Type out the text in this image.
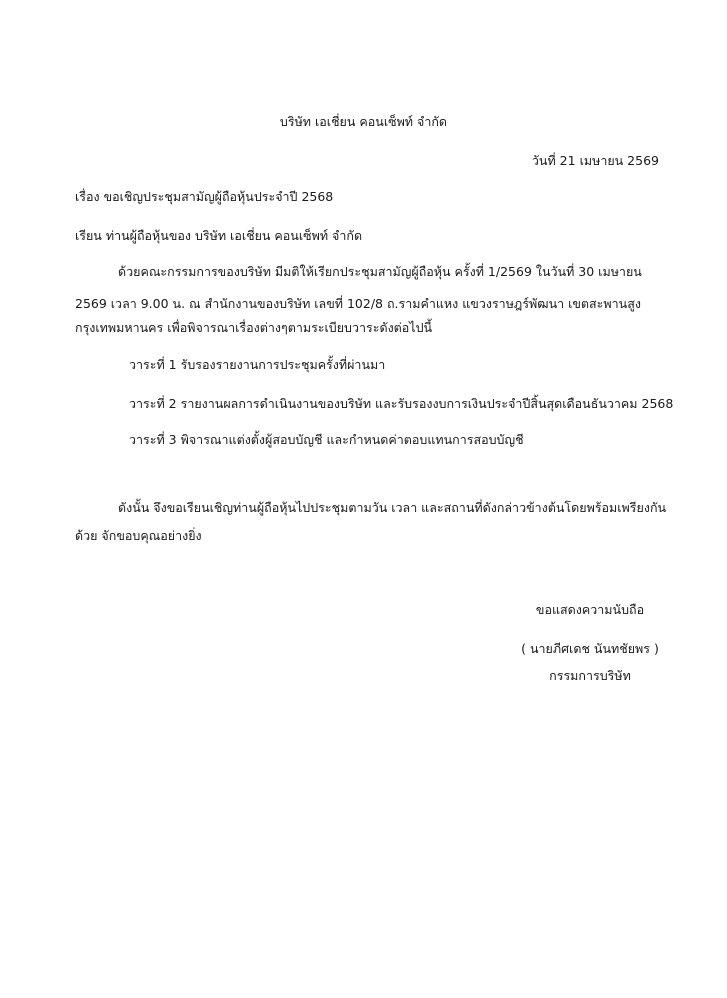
บริษัท เอเชี่ยน คอนเซ็พท์ จำกัด
วันที่ 21 เมษายน 2569
เรื่อง ขอเชิญประชุมสามัญผู้ถือหุ้นประจำปี 2568
เรียน ท่านผู้ถือหุ้นของ บริษัท เอเชี่ยน คอนเซ็พท์ จำกัด
ด้วยคณะกรรมการของบริษัท มีมติให้เรียกประชุมสามัญผู้ถือหุ้น ครั้งที่ 1/2569 ในวันที่ 30 เมษายน
2569 เวลา 9.00 น. ณ สำนักงานของบริษัท เลขที่ 102/8 ถ.รามคำแหง แขวงราษฎร์พัฒนา เขตสะพานสูง
กรุงเทพมหานคร เพื่อพิจารณาเรื่องต่างๆตามระเบียบวาระดังต่อไปนี้
วาระที่ 1 รับรองรายงานการประชุมครั้งที่ผ่านมา
วาระที่ 2 รายงานผลการดำเนินงานของบริษัท และรับรองงบการเงินประจำปีสิ้นสุดเดือนธันวาคม 2568
วาระที่ 3 พิจารณาแต่งตั้งผู้สอบบัญชี และกำหนดค่าตอบแทนการสอบบัญชี
ดังนั้น จึงขอเรียนเชิญท่านผู้ถือหุ้นไปประชุมตามวัน เวลา และสถานที่ดังกล่าวข้างต้นโดยพร้อมเพรียงกัน
ด้วย จักขอบคุณอย่างยิ่ง
ขอแสดงความนับถือ
( นายภีศเดช นันทชัยพร )
กรรมการบริษัท
